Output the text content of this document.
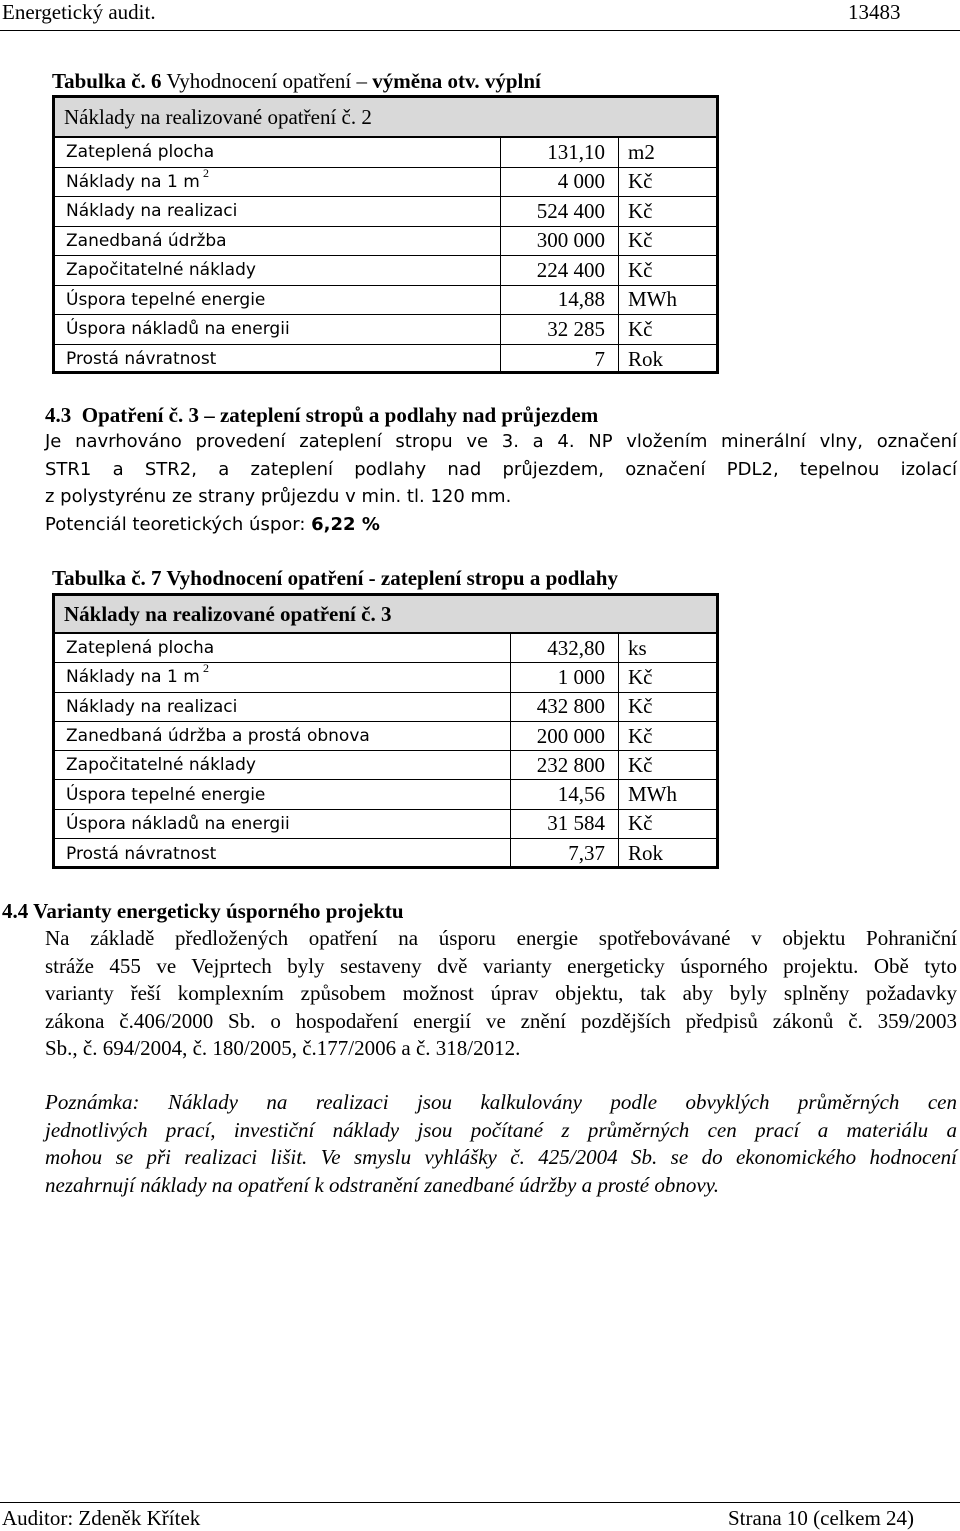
Energetický audit.	13483
Tabulka č. 6 Vyhodnocení opatření – výměna otv. výplní
Náklady na realizované opatření č. 2
Zateplená plocha	131,10 m2
Náklady na 1 m $^2$	4 000 Kč
Náklady na realizaci	524 400 Kč
Zanedbaná údržba	300 000 Kč
Započitatelné náklady	224 400 Kč
Úspora tepelné energie	14,88 MWh
Úspora nákladů na energii	32 285 Kč
Prostá návratnost	7 Rok
4.3 Opatření č. 3 – zateplení stropů a podlahy nad průjezdem
Je navrhováno provedení zateplení stropu ve 3. a 4. NP vložením minerální vlny, označení
STR1 a STR2, a zateplení podlahy nad průjezdem, označení PDL2, tepelnou izolací
z polystyrénu ze strany průjezdu v min. tl. 120 mm.
Potenciál teoretických úspor: 6,22 %
Tabulka č. 7 Vyhodnocení opatření - zateplení stropu a podlahy
Náklady na realizované opatření č. 3
Zateplená plocha	432,80 ks
Náklady na 1 m $^2$	1 000 Kč
Náklady na realizaci	432 800 Kč
Zanedbaná údržba a prostá obnova	200 000 Kč
Započitatelné náklady	232 800 Kč
Úspora tepelné energie	14,56 MWh
Úspora nákladů na energii	31 584 Kč
Prostá návratnost	7,37 Rok
4.4 Varianty energeticky úsporného projektu
Na základě předložených opatření na úsporu energie spotřebovávané v objektu Pohraniční
stráže 455 ve Vejprtech byly sestaveny dvě varianty energeticky úsporného projektu. Obě tyto
varianty řeší komplexním způsobem možnost úprav objektu, tak aby byly splněny požadavky
zákona č.406/2000 Sb. o hospodaření energií ve znění pozdějších předpisů zákonů č. 359/2003
Sb., č. 694/2004, č. 180/2005, č.177/2006 a č. 318/2012.
Poznámka: Náklady na realizaci jsou kalkulovány podle obvyklých průměrných cen
jednotlivých prací, investiční náklady jsou počítané z průměrných cen prací a materiálu a
mohou se při realizaci lišit. Ve smyslu vyhlášky č. 425/2004 Sb. se do ekonomického hodnocení
nezahrnují náklady na opatření k odstranění zanedbané údržby a prosté obnovy.
Auditor: Zdeněk Křítek	Strana 10 (celkem 24)
